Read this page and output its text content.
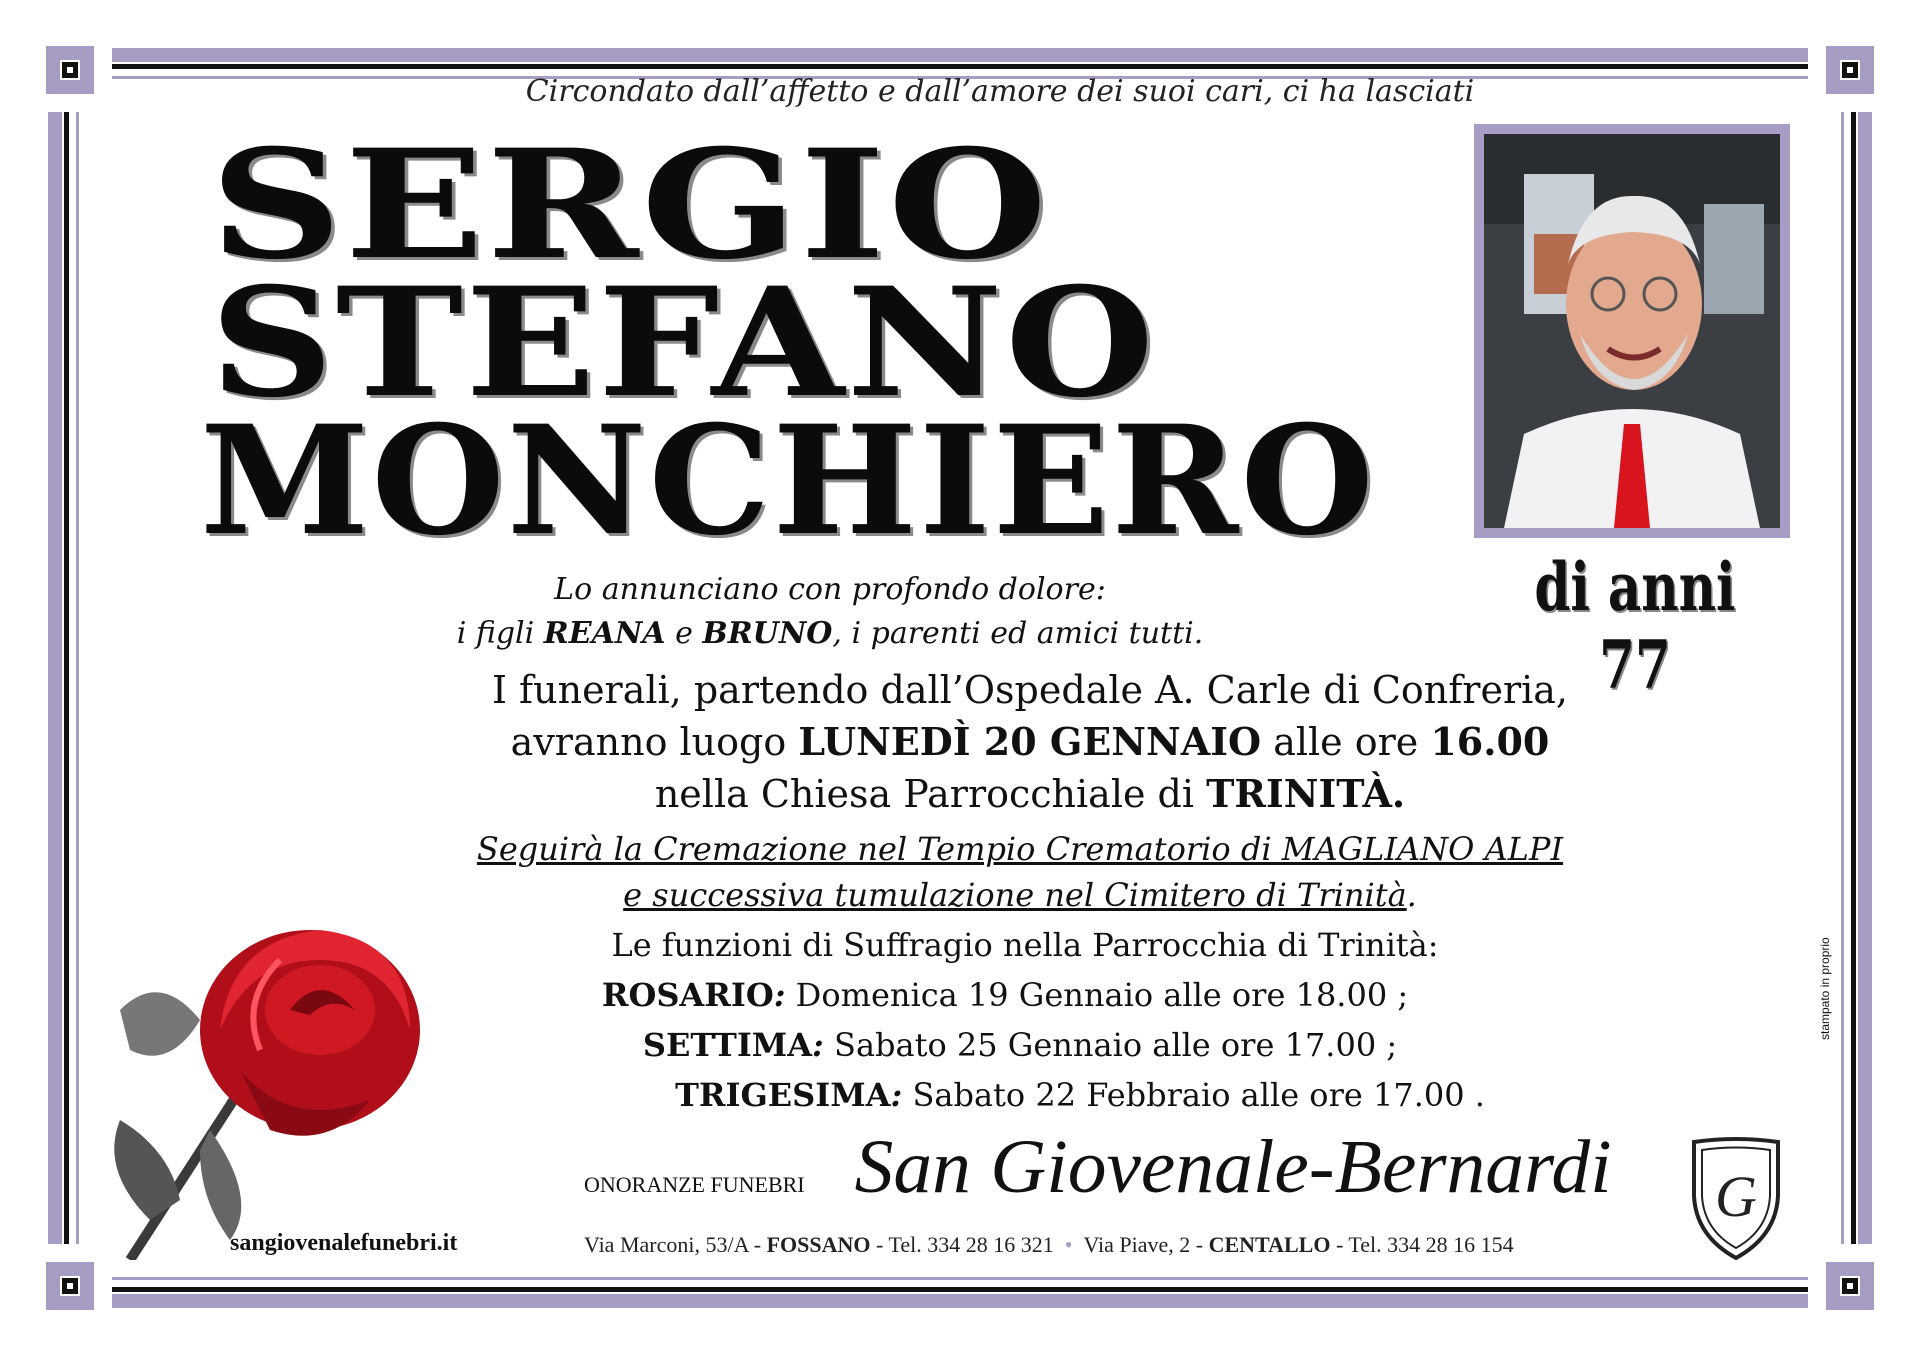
Circondato dall’affetto e dall’amore dei suoi cari, ci ha lasciati
SERGIO
STEFANO
MONCHIERO
di anni 77
Lo annunciano con profondo dolore:
i figli REANA e BRUNO, i parenti ed amici tutti.
I funerali, partendo dall’Ospedale A. Carle di Confreria,
avranno luogo LUNEDÌ 20 GENNAIO alle ore 16.00
nella Chiesa Parrocchiale di TRINITÀ.
Seguirà la Cremazione nel Tempio Crematorio di MAGLIANO ALPI
e successiva tumulazione nel Cimitero di Trinità.
Le funzioni di Suffragio nella Parrocchia di Trinità:
ROSARIO: Domenica 19 Gennaio alle ore 18.00 ;
SETTIMA: Sabato 25 Gennaio alle ore 17.00 ;
TRIGESIMA: Sabato 22 Febbraio alle ore 17.00 .
sangiovenalefunebri.it
ONORANZE FUNEBRI San Giovenale-Bernardi G
Via Marconi, 53/A - FOSSANO - Tel. 334 28 16 321 • Via Piave, 2 - CENTALLO - Tel. 334 28 16 154
stampato in proprio
